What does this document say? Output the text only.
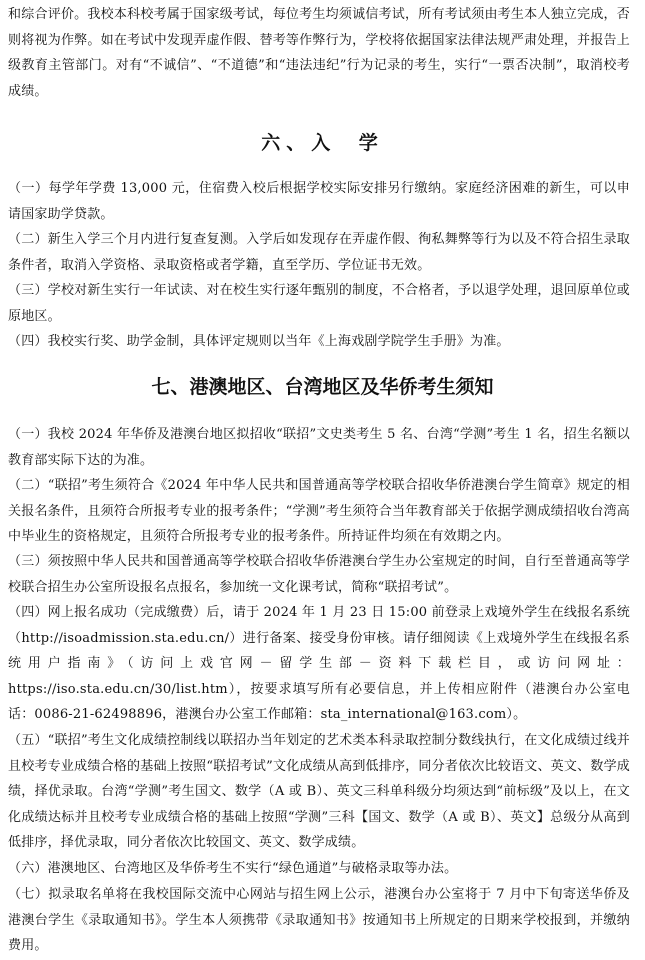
和综合评价。我校本科校考属于国家级考试，每位考生均须诚信考试，所有考试须由考生本人独立完成，否则将视为作弊。如在考试中发现弄虚作假、替考等作弊行为，学校将依据国家法律法规严肃处理，并报告上级教育主管部门。对有“不诚信”、“不道德”和“违法违纪”行为记录的考生，实行“一票否决制”，取消校考成绩。

六、入 学

（一）每学年学费 13,000 元，住宿费入校后根据学校实际安排另行缴纳。家庭经济困难的新生，可以申请国家助学贷款。

（二）新生入学三个月内进行复查复测。入学后如发现存在弄虚作假、徇私舞弊等行为以及不符合招生录取条件者，取消入学资格、录取资格或者学籍，直至学历、学位证书无效。

（三）学校对新生实行一年试读、对在校生实行逐年甄别的制度，不合格者，予以退学处理，退回原单位或原地区。

（四）我校实行奖、助学金制，具体评定规则以当年《上海戏剧学院学生手册》为准。

七、港澳地区、台湾地区及华侨考生须知

（一）我校 2024 年华侨及港澳台地区拟招收“联招”文史类考生 5 名、台湾“学测”考生 1 名，招生名额以教育部实际下达的为准。

（二）“联招”考生须符合《2024 年中华人民共和国普通高等学校联合招收华侨港澳台学生简章》规定的相关报名条件，且须符合所报考专业的报考条件；“学测”考生须符合当年教育部关于依据学测成绩招收台湾高中毕业生的资格规定，且须符合所报考专业的报考条件。所持证件均须在有效期之内。

（三）须按照中华人民共和国普通高等学校联合招收华侨港澳台学生办公室规定的时间，自行至普通高等学校联合招生办公室所设报名点报名，参加统一文化课考试，简称“联招考试”。

（四）网上报名成功（完成缴费）后，请于 2024 年 1 月 23 日 15:00 前登录上戏境外学生在线报名系统（http://isoadmission.sta.edu.cn/）进行备案、接受身份审核。请仔细阅读《上戏境外学生在线报名系统用户指南》（访问上戏官网－留学生部－资料下载栏目，或访问网址：https://iso.sta.edu.cn/30/list.htm），按要求填写所有必要信息，并上传相应附件（港澳台办公室电话：0086-21-62498896，港澳台办公室工作邮箱：sta_international@163.com）。

（五）“联招”考生文化成绩控制线以联招办当年划定的艺术类本科录取控制分数线执行，在文化成绩过线并且校考专业成绩合格的基础上按照“联招考试”文化成绩从高到低排序，同分者依次比较语文、英文、数学成绩，择优录取。台湾“学测”考生国文、数学（A 或 B）、英文三科单科级分均须达到“前标级”及以上，在文化成绩达标并且校考专业成绩合格的基础上按照“学测”三科【国文、数学（A 或 B）、英文】总级分从高到低排序，择优录取，同分者依次比较国文、英文、数学成绩。

（六）港澳地区、台湾地区及华侨考生不实行“绿色通道”与破格录取等办法。

（七）拟录取名单将在我校国际交流中心网站与招生网上公示，港澳台办公室将于 7 月中下旬寄送华侨及港澳台学生《录取通知书》。学生本人须携带《录取通知书》按通知书上所规定的日期来学校报到，并缴纳费用。
